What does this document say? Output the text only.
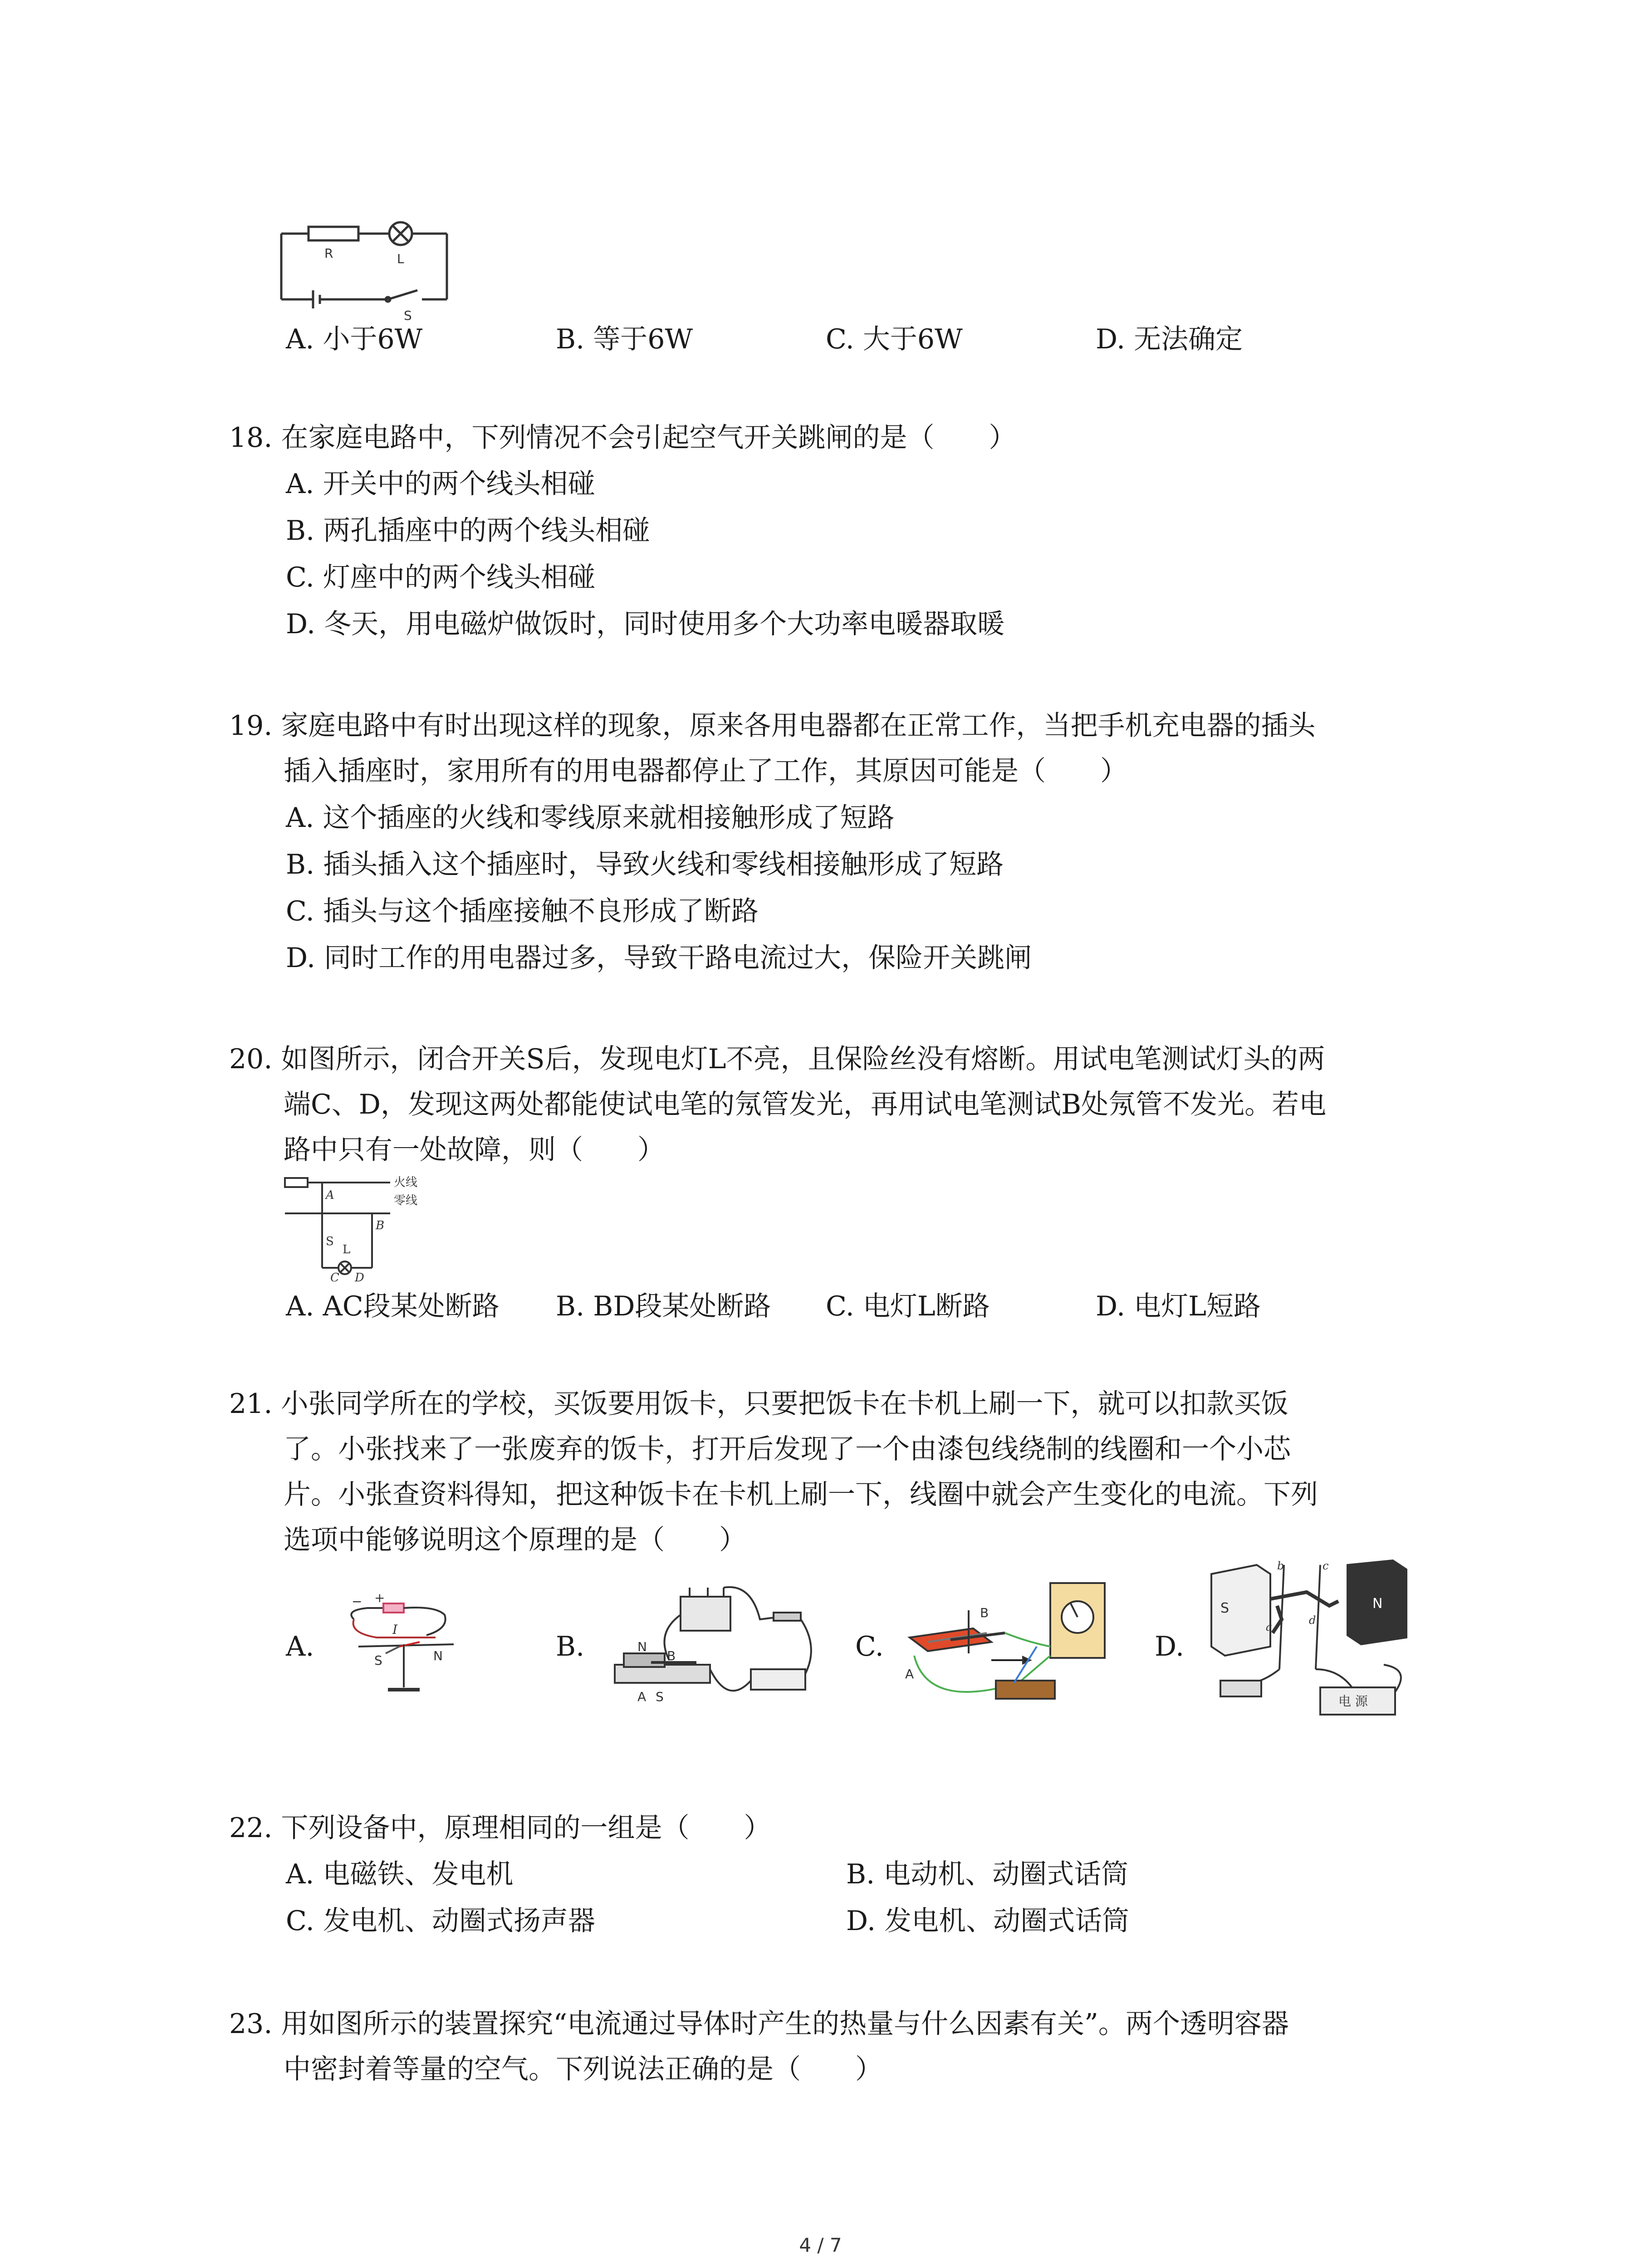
R	L
S
A. 小于6W	B. 等于6W	C. 大于6W	D. 无法确定
18. 在家庭电路中，下列情况不会引起空气开关跳闸的是（　　）
A. 开关中的两个线头相碰
B. 两孔插座中的两个线头相碰
C. 灯座中的两个线头相碰
D. 冬天，用电磁炉做饭时，同时使用多个大功率电暖器取暖
19. 家庭电路中有时出现这样的现象，原来各用电器都在正常工作，当把手机充电器的插头
插入插座时，家用所有的用电器都停止了工作，其原因可能是（　　）
A. 这个插座的火线和零线原来就相接触形成了短路
B. 插头插入这个插座时，导致火线和零线相接触形成了短路
C. 插头与这个插座接触不良形成了断路
D. 同时工作的用电器过多，导致干路电流过大，保险开关跳闸
20. 如图所示，闭合开关S后，发现电灯L不亮，且保险丝没有熔断。用试电笔测试灯头的两
端C、D，发现这两处都能使试电笔的氖管发光，再用试电笔测试B处氖管不发光。若电
路中只有一处故障，则（　　）
火线
零线
A
B
S
L
C D
A. AC段某处断路 B. BD段某处断路 C. 电灯L断路	D. 电灯L短路
21. 小张同学所在的学校，买饭要用饭卡，只要把饭卡在卡机上刷一下，就可以扣款买饭
了。小张找来了一张废弃的饭卡，打开后发现了一个由漆包线绕制的线圈和一个小芯
片。小张查资料得知，把这种饭卡在卡机上刷一下，线圈中就会产生变化的电流。下列
选项中能够说明这个原理的是（　　）
A.	B.	C.	D.
− +
I
S	N
N
B
A S
B
A
S	N
b	c
a
d
电 源
22. 下列设备中，原理相同的一组是（　　）
A. 电磁铁、发电机	B. 电动机、动圈式话筒
C. 发电机、动圈式扬声器	D. 发电机、动圈式话筒
23. 用如图所示的装置探究“电流通过导体时产生的热量与什么因素有关”。两个透明容器
中密封着等量的空气。下列说法正确的是（　　）
4 / 7
